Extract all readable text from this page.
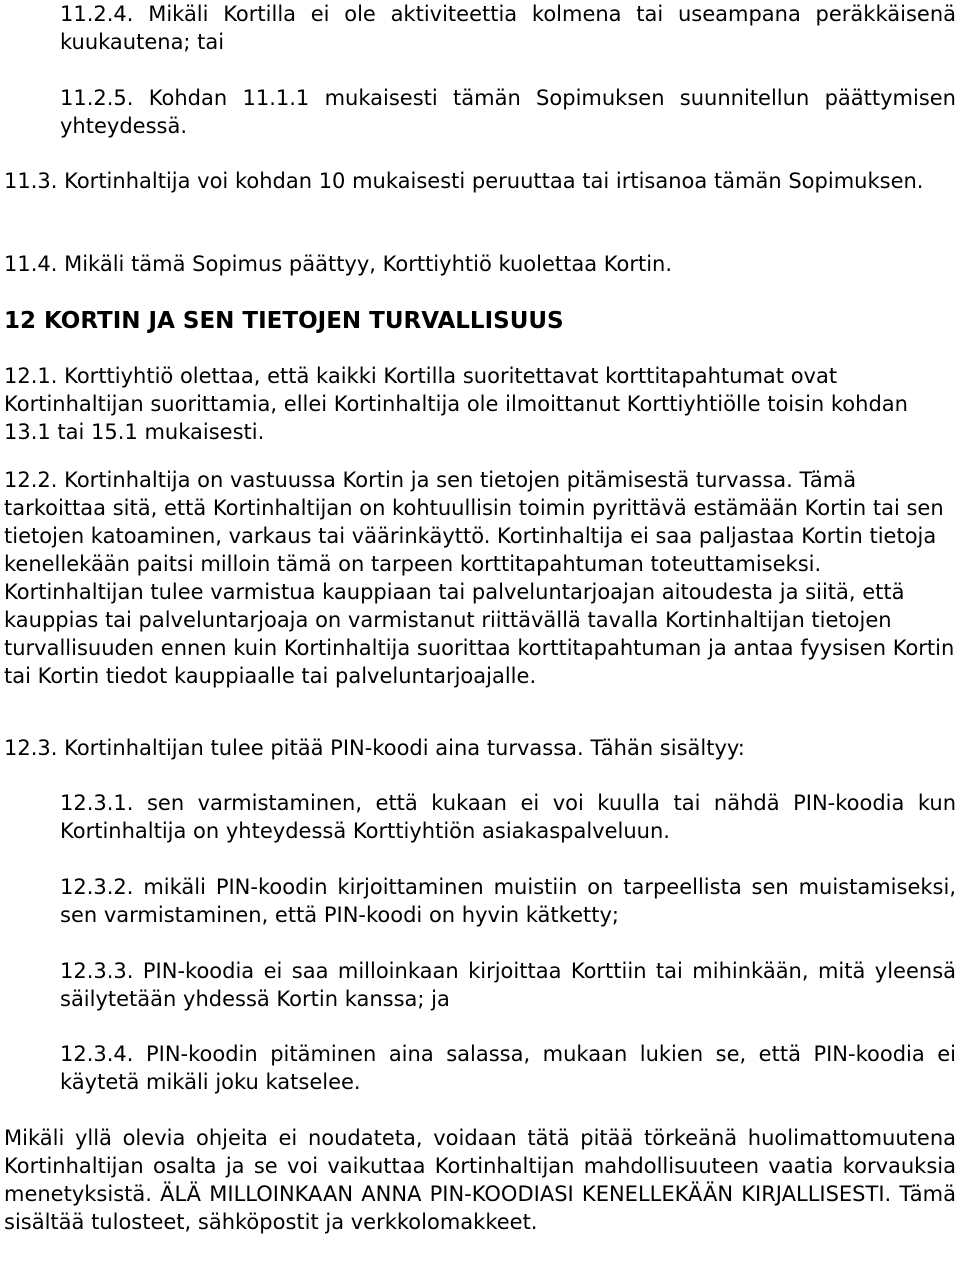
11.2.4. Mikäli Kortilla ei ole aktiviteettia kolmena tai useampana peräkkäisenä kuukautena; tai

11.2.5. Kohdan 11.1.1 mukaisesti tämän Sopimuksen suunnitellun päättymisen yhteydessä.

11.3. Kortinhaltija voi kohdan 10 mukaisesti peruuttaa tai irtisanoa tämän Sopimuksen.

11.4. Mikäli tämä Sopimus päättyy, Korttiyhtiö kuolettaa Kortin.

12 KORTIN JA SEN TIETOJEN TURVALLISUUS

12.1. Korttiyhtiö olettaa, että kaikki Kortilla suoritettavat korttitapahtumat ovat Kortinhaltijan suorittamia, ellei Kortinhaltija ole ilmoittanut Korttiyhtiölle toisin kohdan 13.1 tai 15.1 mukaisesti.

12.2. Kortinhaltija on vastuussa Kortin ja sen tietojen pitämisestä turvassa. Tämä tarkoittaa sitä, että Kortinhaltijan on kohtuullisin toimin pyrittävä estämään Kortin tai sen tietojen katoaminen, varkaus tai väärinkäyttö. Kortinhaltija ei saa paljastaa Kortin tietoja kenellekään paitsi milloin tämä on tarpeen korttitapahtuman toteuttamiseksi. Kortinhaltijan tulee varmistua kauppiaan tai palveluntarjoajan aitoudesta ja siitä, että kauppias tai palveluntarjoaja on varmistanut riittävällä tavalla Kortinhaltijan tietojen turvallisuuden ennen kuin Kortinhaltija suorittaa korttitapahtuman ja antaa fyysisen Kortin tai Kortin tiedot kauppiaalle tai palveluntarjoajalle.

12.3. Kortinhaltijan tulee pitää PIN-koodi aina turvassa. Tähän sisältyy:

12.3.1. sen varmistaminen, että kukaan ei voi kuulla tai nähdä PIN-koodia kun Kortinhaltija on yhteydessä Korttiyhtiön asiakaspalveluun.

12.3.2. mikäli PIN-koodin kirjoittaminen muistiin on tarpeellista sen muistamiseksi, sen varmistaminen, että PIN-koodi on hyvin kätketty;

12.3.3. PIN-koodia ei saa milloinkaan kirjoittaa Korttiin tai mihinkään, mitä yleensä säilytetään yhdessä Kortin kanssa; ja

12.3.4. PIN-koodin pitäminen aina salassa, mukaan lukien se, että PIN-koodia ei käytetä mikäli joku katselee.

Mikäli yllä olevia ohjeita ei noudateta, voidaan tätä pitää törkeänä huolimattomuutena Kortinhaltijan osalta ja se voi vaikuttaa Kortinhaltijan mahdollisuuteen vaatia korvauksia menetyksistä. ÄLÄ MILLOINKAAN ANNA PIN-KOODIASI KENELLEKÄÄN KIRJALLISESTI. Tämä sisältää tulosteet, sähköpostit ja verkkolomakkeet.
